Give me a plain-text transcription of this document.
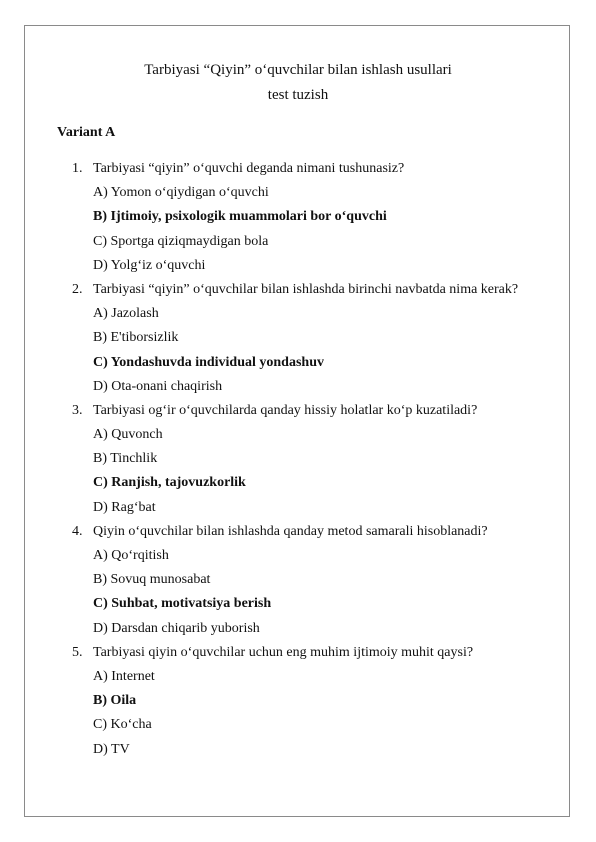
Tarbiyasi “Qiyin” o‘quvchilar bilan ishlash usullari
test tuzish
Variant A
1. Tarbiyasi “qiyin” o‘quvchi deganda nimani tushunasiz?
A) Yomon o‘qiydigan o‘quvchi
B) Ijtimoiy, psixologik muammolari bor o‘quvchi
C) Sportga qiziqmaydigan bola
D) Yolg‘iz o‘quvchi
2. Tarbiyasi “qiyin” o‘quvchilar bilan ishlashda birinchi navbatda nima kerak?
A) Jazolash
B) E'tiborsizlik
C) Yondashuvda individual yondashuv
D) Ota-onani chaqirish
3. Tarbiyasi og‘ir o‘quvchilarda qanday hissiy holatlar ko‘p kuzatiladi?
A) Quvonch
B) Tinchlik
C) Ranjish, tajovuzkorlik
D) Rag‘bat
4. Qiyin o‘quvchilar bilan ishlashda qanday metod samarali hisoblanadi?
A) Qo‘rqitish
B) Sovuq munosabat
C) Suhbat, motivatsiya berish
D) Darsdan chiqarib yuborish
5. Tarbiyasi qiyin o‘quvchilar uchun eng muhim ijtimoiy muhit qaysi?
A) Internet
B) Oila
C) Ko‘cha
D) TV
